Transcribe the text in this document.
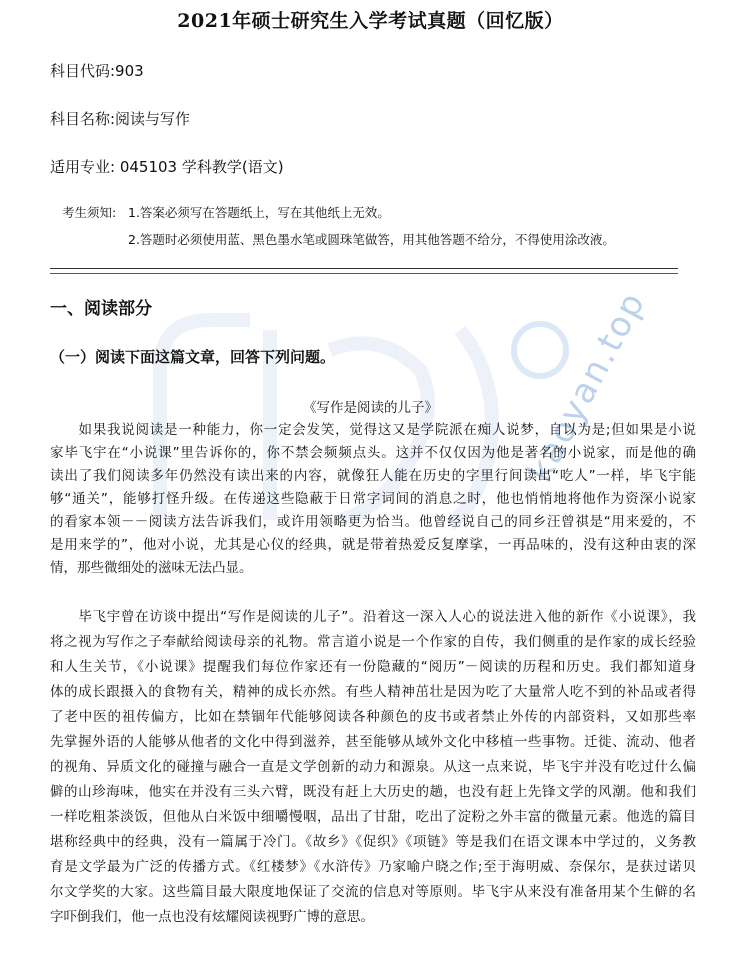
kaoyan.top
2021年硕士研究生入学考试真题（回忆版）
科目代码:903
科目名称:阅读与写作
适用专业: 045103 学科教学(语文)
考生须知: 1.答案必须写在答题纸上，写在其他纸上无效。
2.答题时必须使用蓝、黑色墨水笔或圆珠笔做答，用其他答题不给分，不得使用涂改液。
一、阅读部分
（一）阅读下面这篇文章，回答下列问题。
《写作是阅读的儿子》
　　如果我说阅读是一种能力，你一定会发笑，觉得这又是学院派在痴人说梦，自以为是;但如果是小说
家毕飞宇在“小说课”里告诉你的，你不禁会频频点头。这并不仅仅因为他是著名的小说家，而是他的确
读出了我们阅读多年仍然没有读出来的内容，就像狂人能在历史的字里行间读出“吃人”一样，毕飞宇能
够“通关”，能够打怪升级。在传递这些隐蔽于日常字词间的消息之时，他也悄悄地将他作为资深小说家
的看家本领－－阅读方法告诉我们，或许用领略更为恰当。他曾经说自己的同乡汪曾祺是“用来爱的，不
是用来学的”，他对小说，尤其是心仪的经典，就是带着热爱反复摩挲，一再品味的，没有这种由衷的深
情，那些微细处的滋味无法凸显。
　　毕飞宇曾在访谈中提出“写作是阅读的儿子”。沿着这一深入人心的说法进入他的新作《小说课》，我
将之视为写作之子奉献给阅读母亲的礼物。常言道小说是一个作家的自传，我们侧重的是作家的成长经验
和人生关节，《小说课》提醒我们每位作家还有一份隐藏的“阅历”－阅读的历程和历史。我们都知道身
体的成长跟摄入的食物有关，精神的成长亦然。有些人精神茁壮是因为吃了大量常人吃不到的补品或者得
了老中医的祖传偏方，比如在禁锢年代能够阅读各种颜色的皮书或者禁止外传的内部资料，又如那些率
先掌握外语的人能够从他者的文化中得到滋养，甚至能够从域外文化中移植一些事物。迁徙、流动、他者
的视角、异质文化的碰撞与融合一直是文学创新的动力和源泉。从这一点来说，毕飞宇并没有吃过什么偏
僻的山珍海味，他实在并没有三头六臂，既没有赶上大历史的趟，也没有赶上先锋文学的风潮。他和我们
一样吃粗茶淡饭，但他从白米饭中细嚼慢咽，品出了甘甜，吃出了淀粉之外丰富的微量元素。他选的篇目
堪称经典中的经典，没有一篇属于冷门。《故乡》《促织》《项链》等是我们在语文课本中学过的，义务教
育是文学最为广泛的传播方式。《红楼梦》《水浒传》乃家喻户晓之作;至于海明威、奈保尔，是获过诺贝
尔文学奖的大家。这些篇目最大限度地保证了交流的信息对等原则。毕飞宇从来没有准备用某个生僻的名
字吓倒我们，他一点也没有炫耀阅读视野广博的意思。
